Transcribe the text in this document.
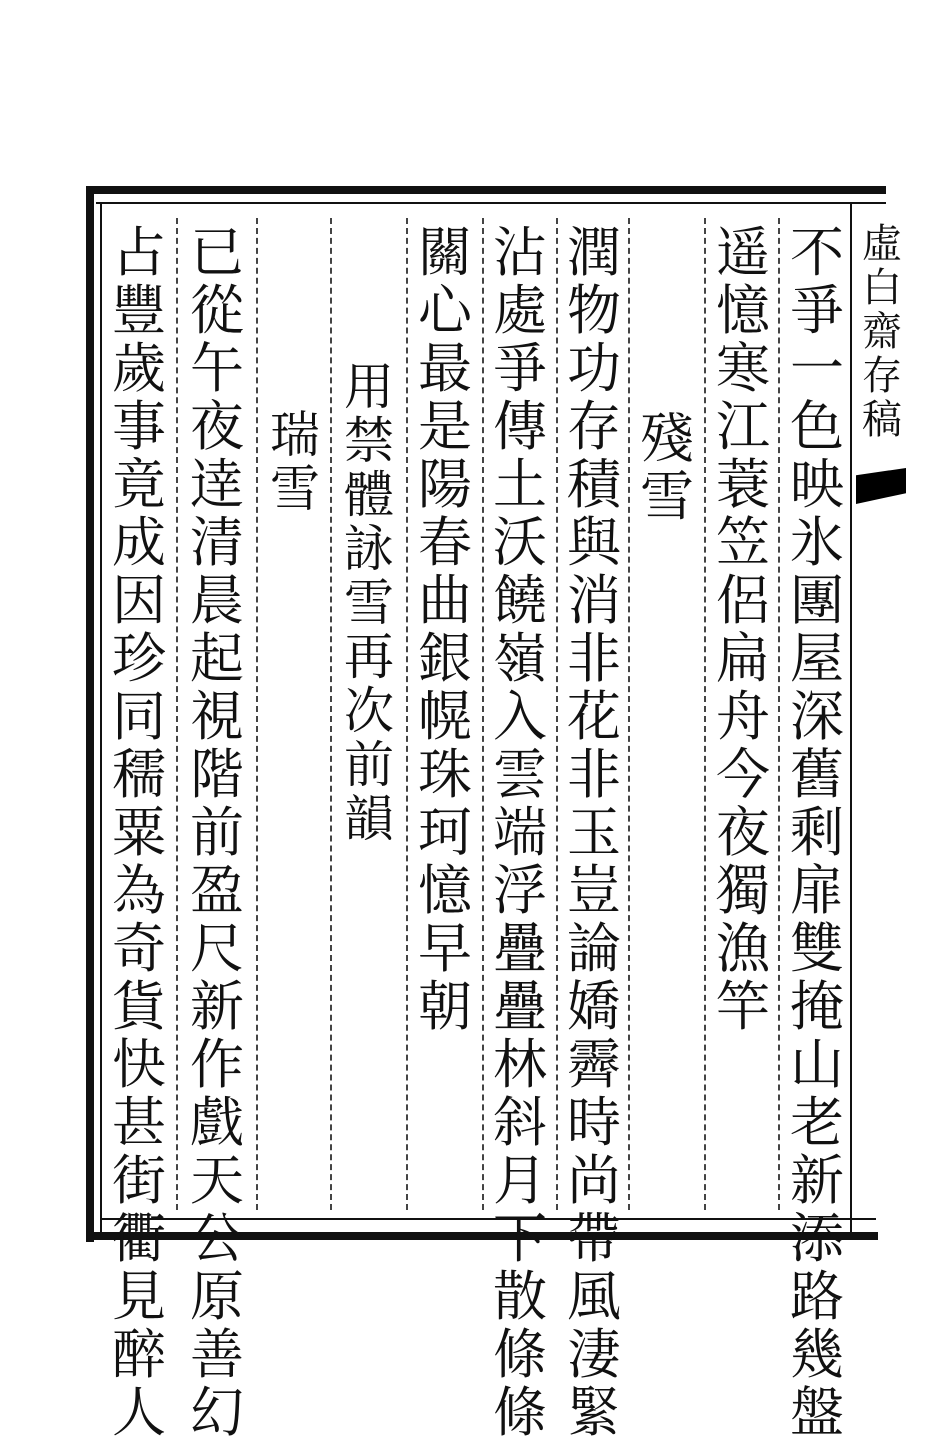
虛
白
齋
存
稿
不
爭
一
色
映
氷
團
屋
深
舊
剩
扉
雙
掩
山
老
新
添
路
幾
盤
遥
憶
寒
江
蓑
笠
侶
扁
舟
今
夜
獨
漁
竿
殘
雪
潤
物
功
存
積
與
消
非
花
非
玉
豈
論
嬌
霽
時
尚
帶
風
淒
緊
沾
處
爭
傳
土
沃
饒
嶺
入
雲
端
浮
疊
疊
林
斜
月
下
散
條
條
關
心
最
是
陽
春
曲
銀
幌
珠
珂
憶
早
朝
用
禁
體
詠
雪
再
次
前
韻
瑞
雪
已
從
午
夜
逹
清
晨
起
視
階
前
盈
尺
新
作
戲
天
公
原
善
幻
占
豐
歲
事
竟
成
因
珍
同
穤
粟
為
奇
貨
快
甚
街
衢
見
醉
人
